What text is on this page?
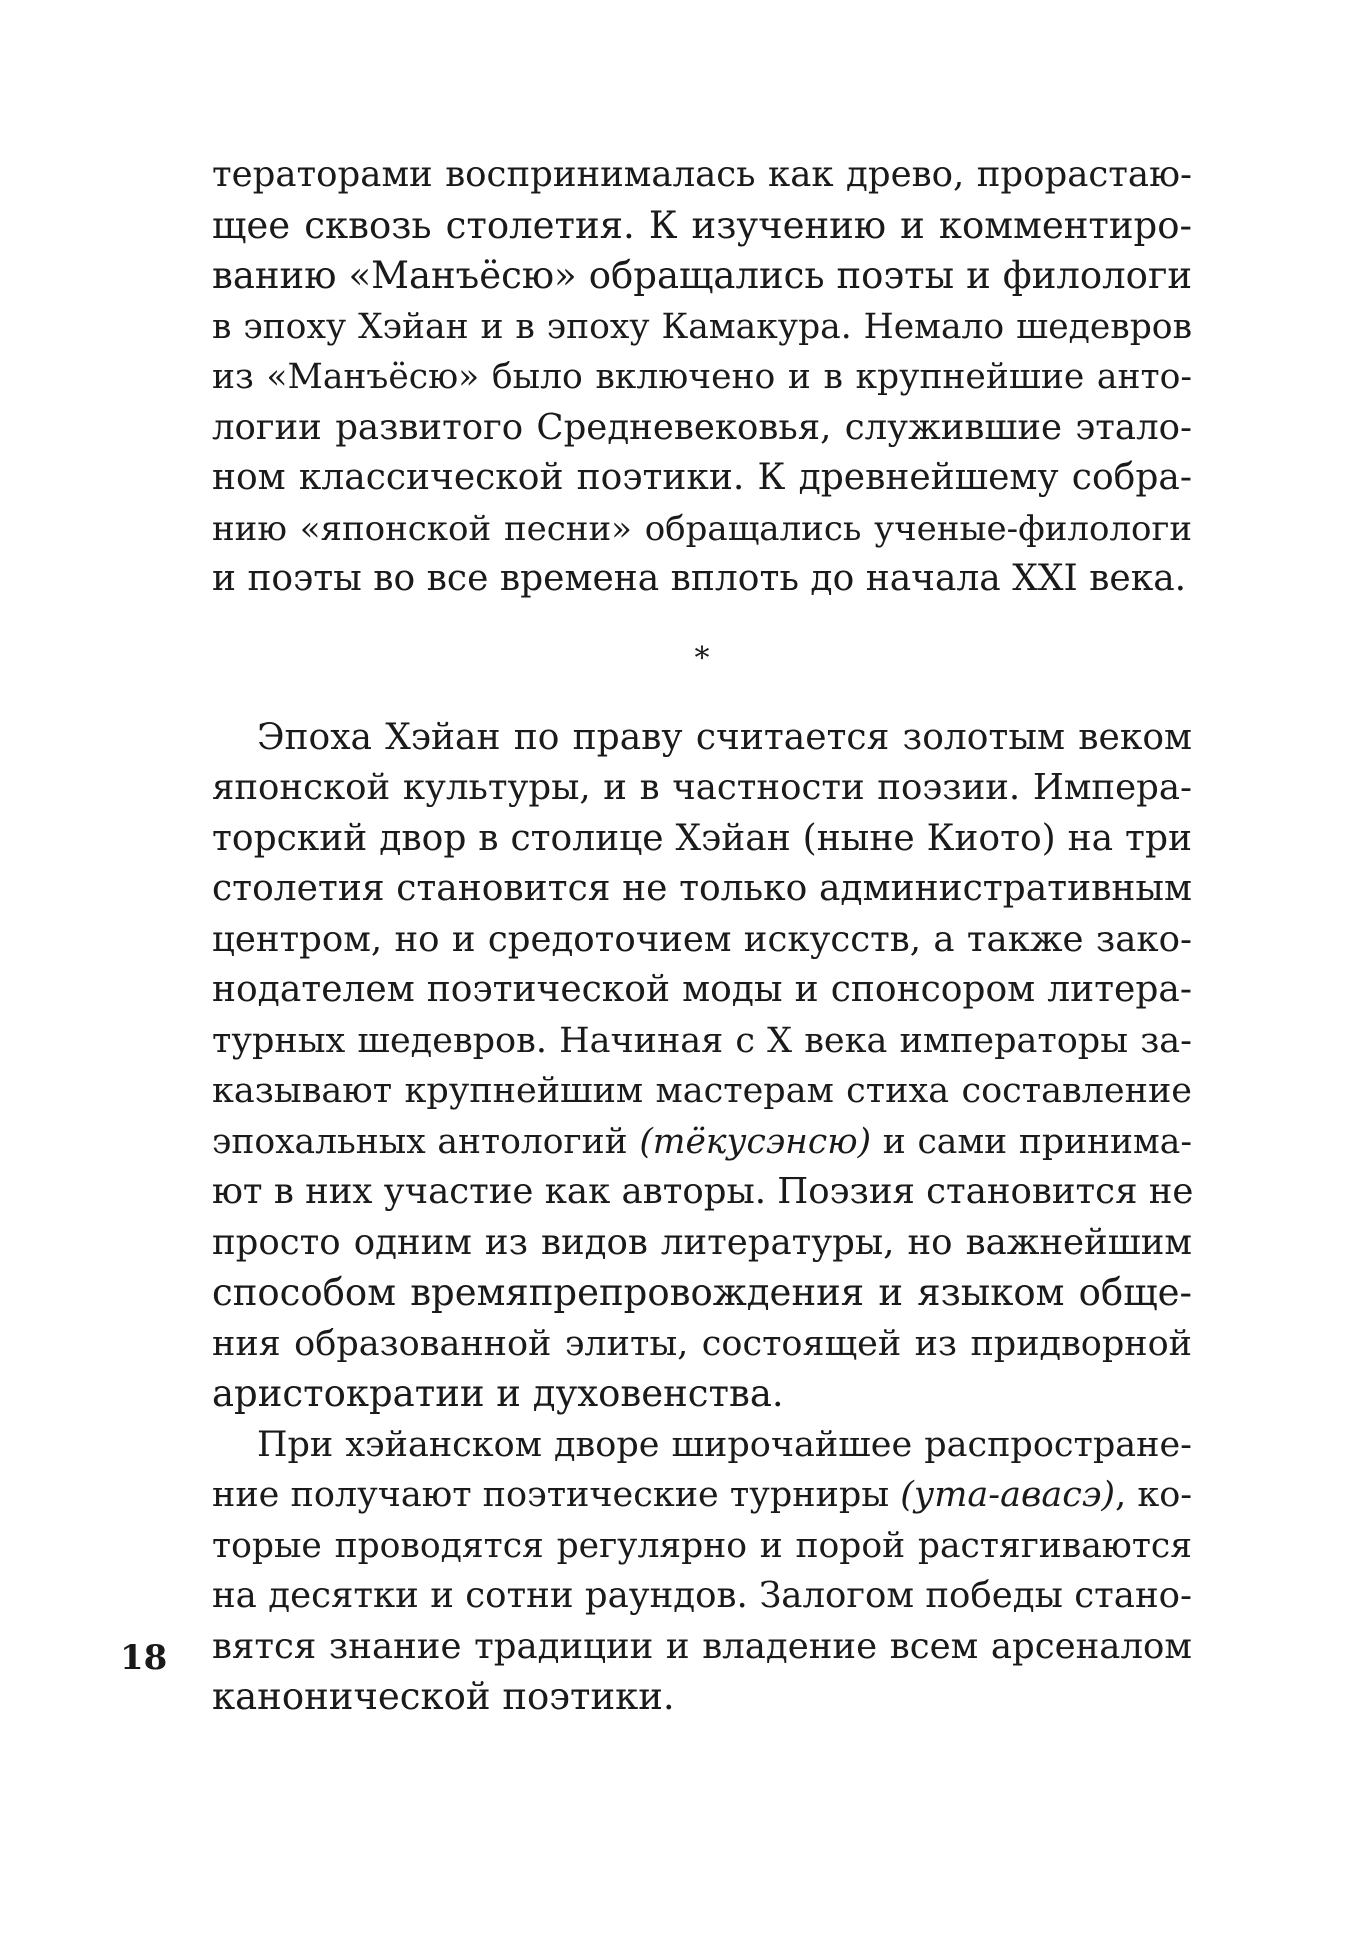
тераторами воспринималась как древо, прорастаю-
щее сквозь столетия. К изучению и комментиро-
ванию «Манъёсю» обращались поэты и филологи
в эпоху Хэйан и в эпоху Камакура. Немало шедевров
из «Манъёсю» было включено и в крупнейшие анто-
логии развитого Средневековья, служившие этало-
ном классической поэтики. К древнейшему собра-
нию «японской песни» обращались ученые-филологи
и поэты во все времена вплоть до начала XXI века.
*
Эпоха Хэйан по праву считается золотым веком
японской культуры, и в частности поэзии. Импера-
торский двор в столице Хэйан (ныне Киото) на три
столетия становится не только административным
центром, но и средоточием искусств, а также зако-
нодателем поэтической моды и спонсором литера-
турных шедевров. Начиная с X века императоры за-
казывают крупнейшим мастерам стиха составление
эпохальных антологий (тёкусэнсю) и сами принима-
ют в них участие как авторы. Поэзия становится не
просто одним из видов литературы, но важнейшим
способом времяпрепровождения и языком обще-
ния образованной элиты, состоящей из придворной
аристократии и духовенства.
При хэйанском дворе широчайшее распростране-
ние получают поэтические турниры (ута-авасэ), ко-
торые проводятся регулярно и порой растягиваются
на десятки и сотни раундов. Залогом победы стано-
вятся знание традиции и владение всем арсеналом
канонической поэтики.
18
